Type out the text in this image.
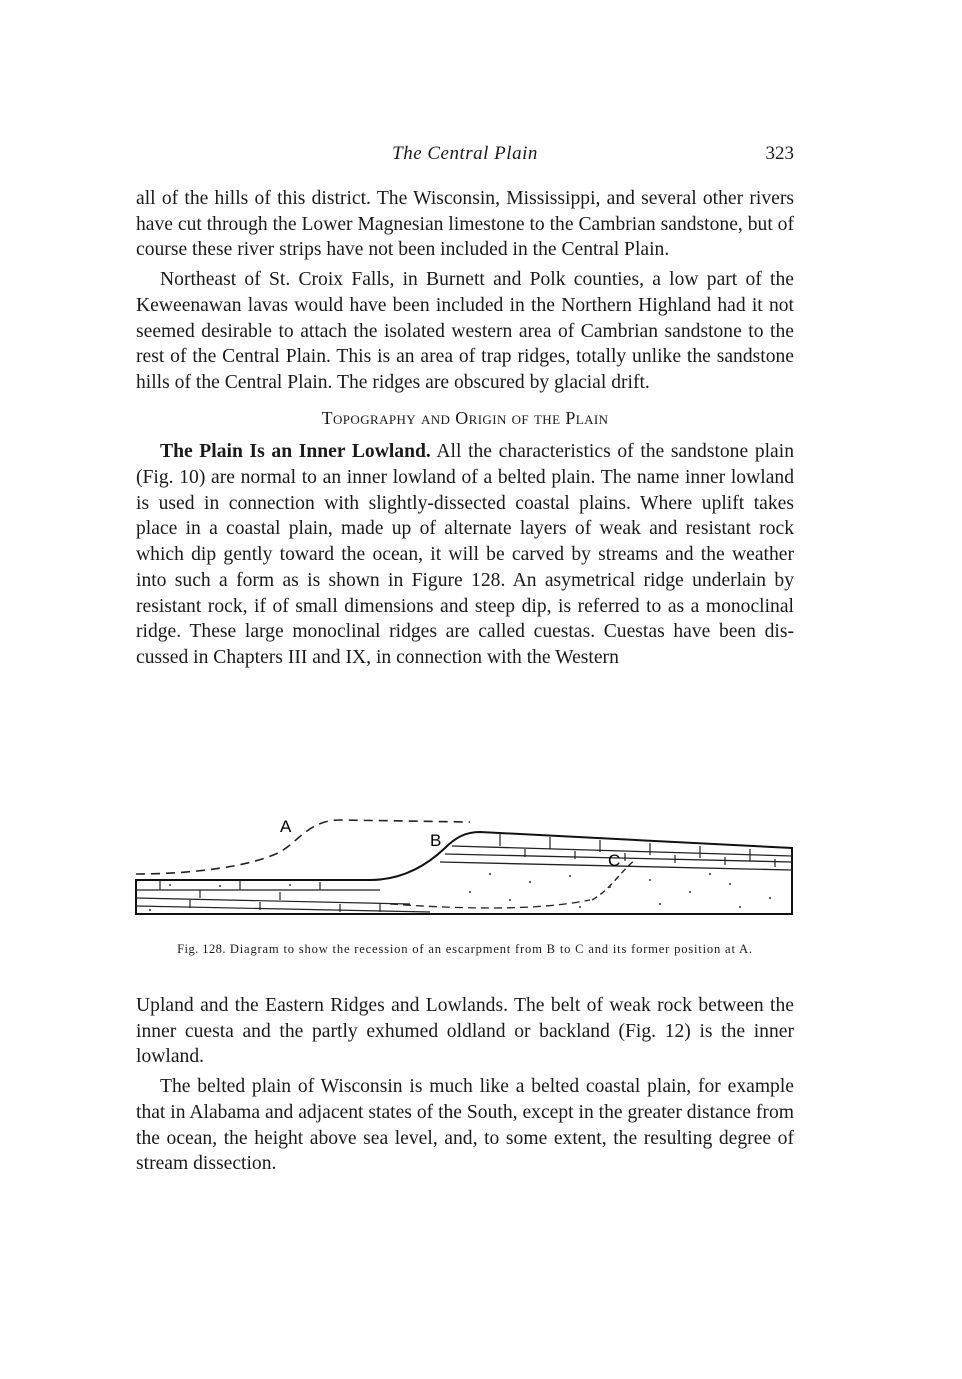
The Central Plain	323

all of the hills of this district. The Wisconsin, Mississippi, and several other rivers have cut through the Lower Magnesian limestone to the Cambrian sandstone, but of course these river strips have not been included in the Central Plain.

Northeast of St. Croix Falls, in Burnett and Polk counties, a low part of the Keweenawan lavas would have been included in the Northern Highland had it not seemed desirable to attach the isolated western area of Cambrian sandstone to the rest of the Central Plain. This is an area of trap ridges, totally unlike the sandstone hills of the Central Plain. The ridges are obscured by glacial drift.

Topography and Origin of the Plain

The Plain Is an Inner Lowland. All the characteristics of the sandstone plain (Fig. 10) are normal to an inner lowland of a belted plain. The name inner lowland is used in connection with slightly-dissected coastal plains. Where uplift takes place in a coastal plain, made up of alternate layers of weak and resistant rock which dip gently toward the ocean, it will be carved by streams and the weather into such a form as is shown in Figure 128. An asymetrical ridge underlain by resistant rock, if of small dimensions and steep dip, is referred to as a monoclinal ridge. These large monoclinal ridges are called cuestas. Cuestas have been discussed in Chapters III and IX, in connection with the Western

A
B
C
Fig. 128. Diagram to show the recession of an escarpment from B to C and its former position at A.

Upland and the Eastern Ridges and Lowlands. The belt of weak rock between the inner cuesta and the partly exhumed oldland or backland (Fig. 12) is the inner lowland.

The belted plain of Wisconsin is much like a belted coastal plain, for example that in Alabama and adjacent states of the South, except in the greater distance from the ocean, the height above sea level, and, to some extent, the resulting degree of stream dissection.
